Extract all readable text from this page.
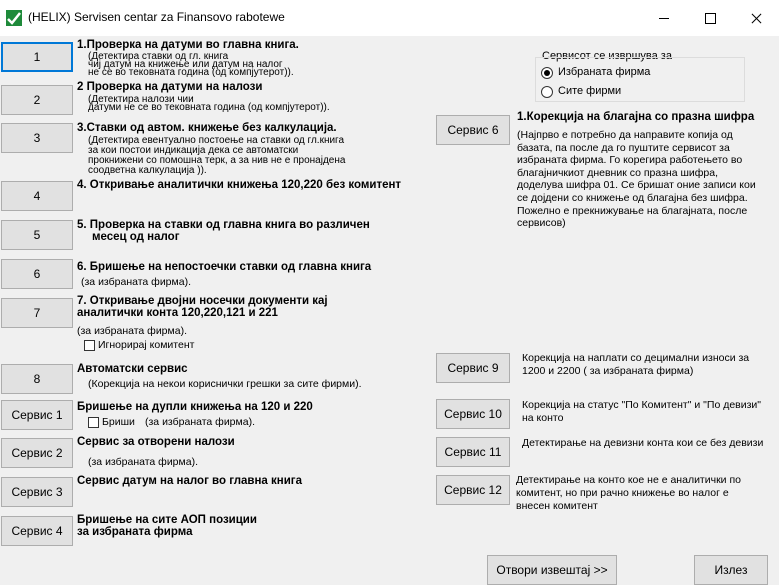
(HELIX) Servisen centar za Finansovo rabotewe
1
1.Проверка на датуми во главна книга.
(Детектира ставки од гл. книга
чиј датум на книжење или датум на налог
не се во тековната година (од компјутерот)).
2
2 Проверка на датуми на налози
(Детектира налози чии
датуми не се во тековната година (од компјутерот)).
3
3.Ставки од автом. книжење без калкулација.
(Детектира евентуално постоење на ставки од гл.книга
за кои постои индикација дека се автоматски
прокнижени со помошна терк, а за нив не е пронајдена
соодветна калкулација )).
4
4. Откривање аналитички книжења 120,220 без комитент
5
5. Проверка на ставки од главна книга во различен
месец од налог
6	6. Бришење на непостоечки ставки од главна книга
(за избраната фирма).
7
7. Откривање двојни носечки документи кај
аналитички конта 120,220,121 и 221
(за избраната фирма).
Игнорирај комитент
8
Автоматски сервис
(Корекција на некои кориснички грешки за сите фирми).
Сервис 1
Бришење на дупли книжења на 120 и 220
Бриши (за избраната фирма).
Сервис 2
Сервис за отворени налози
(за избраната фирма).
Сервис 3
Сервис датум на налог во главна книга
Сервис 4
Бришење на сите АОП позиции
за избраната фирма
Сервисот се извршува за
Избраната фирма
Сите фирми
Сервис 6
1.Корекција на благајна со празна шифра
(Најпрво е потребно да направите копија од базата, па после да го пуштите сервисот за избраната фирма. Го корегира работењето во благајничкиот дневник со празна шифра, доделува шифра 01. Се бришат оние записи кои се дојдени со книжење од благајна без шифра. Пожелно е прекнижување на благајната, после сервисов)
Сервис 9
Корекција на наплати со децимални износи за 1200 и 2200 ( за избраната фирма)
Сервис 10
Корекција на статус "По Комитент" и "По девизи" на конто
Сервис 11
Детектирање на девизни конта кои се без девизи
Сервис 12
Детектирање на конто кое не е аналитички по комитент, но при рачно книжење во налог е внесен комитент
Отвори извештај >>	Излез
